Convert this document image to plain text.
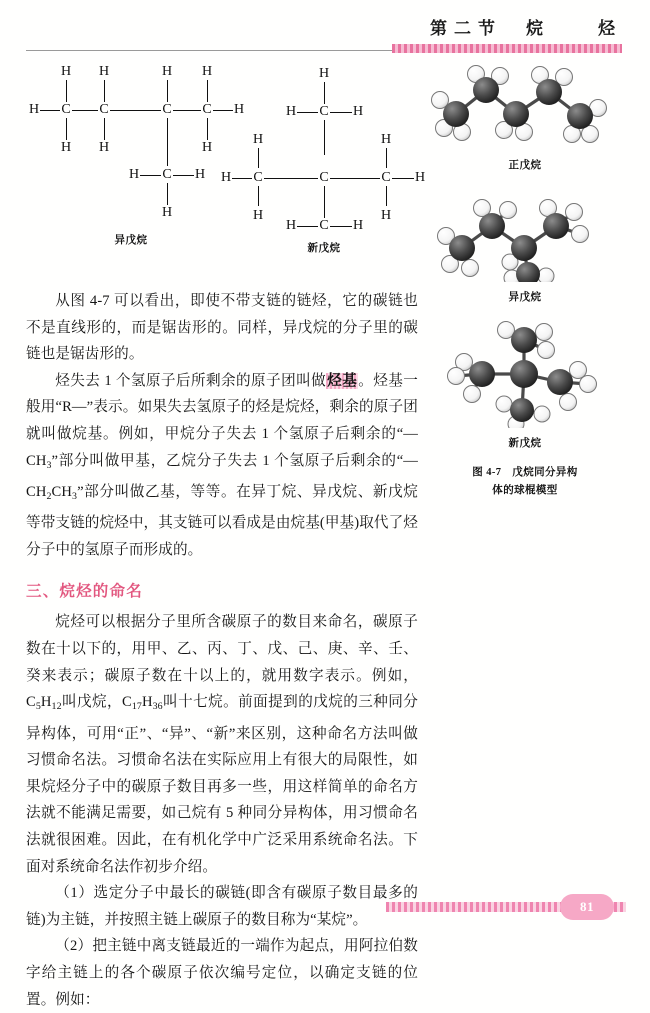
第二节　烷　　烃
H H	H H
H C C	C C H
H H	H
H C H
H
异戊烷
H
H C H
H	H
H C	C	C H
H	H
H C H
新戊烷

从图 4-7 可以看出，即使不带支链的链烃，它的碳链也不是直线形的，而是锯齿形的。同样，异戊烷的分子里的碳链也是锯齿形的。

烃失去 1 个氢原子后所剩余的原子团叫做烃基。烃基一般用“R—”表示。如果失去氢原子的烃是烷烃，剩余的原子团就叫做烷基。例如，甲烷分子失去 1 个氢原子后剩余的“$—CH_3$”部分叫做甲基，乙烷分子失去 1 个氢原子后剩余的“$—CH_2CH_3$”部分叫做乙基，等等。在异丁烷、异戊烷、新戊烷等带支链的烷烃中，其支链可以看成是由烷基(甲基)取代了烃分子中的氢原子而形成的。

三、烷烃的命名

烷烃可以根据分子里所含碳原子的数目来命名，碳原子数在十以下的，用甲、乙、丙、丁、戊、己、庚、辛、壬、癸来表示；碳原子数在十以上的，就用数字表示。例如，$C_5H_{12}$叫戊烷，$C_{17}H_{36}$叫十七烷。前面提到的戊烷的三种同分异构体，可用“正”、“异”、“新”来区别，这种命名方法叫做习惯命名法。习惯命名法在实际应用上有很大的局限性，如果烷烃分子中的碳原子数目再多一些，用这样简单的命名方法就不能满足需要，如己烷有 5 种同分异构体，用习惯命名法就很困难。因此，在有机化学中广泛采用系统命名法。下面对系统命名法作初步介绍。

（1）选定分子中最长的碳链(即含有碳原子数目最多的链)为主链，并按照主链上碳原子的数目称为“某烷”。

（2）把主链中离支链最近的一端作为起点，用阿拉伯数字给主链上的各个碳原子依次编号定位，以确定支链的位置。例如：

正戊烷
异戊烷
新戊烷
图 4-7　戊烷同分异构
体的球棍模型
81
